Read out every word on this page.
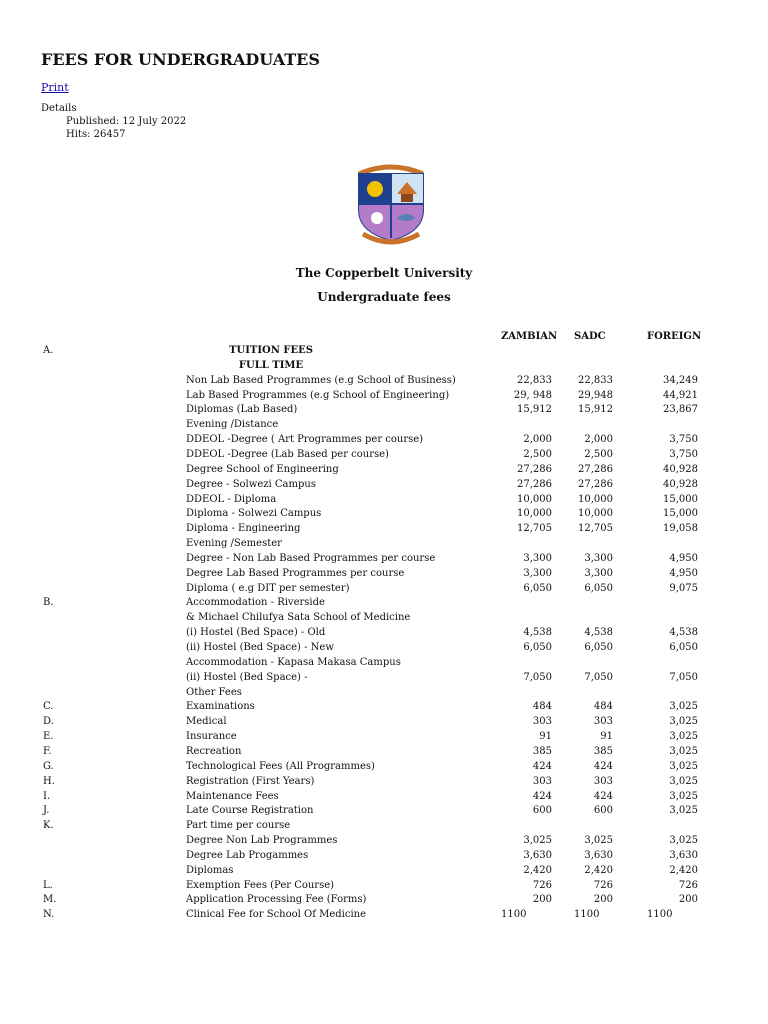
FEES FOR UNDERGRADUATES
Print
Details
Published: 12 July 2022
Hits: 26457
The Copperbelt University
Undergraduate fees
ZAMBIAN SADC	FOREIGN
A.	TUITION FEES
FULL TIME
Non Lab Based Programmes (e.g School of Business)	22,833	22,833	34,249
Lab Based Programmes (e.g School of Engineering)	29, 948	29,948	44,921
Diplomas (Lab Based)	15,912	15,912	23,867
Evening /Distance
DDEOL -Degree ( Art Programmes per course)	2,000	2,000	3,750
DDEOL -Degree (Lab Based per course)	2,500	2,500	3,750
Degree School of Engineering	27,286	27,286	40,928
Degree - Solwezi Campus	27,286	27,286	40,928
DDEOL - Diploma	10,000	10,000	15,000
Diploma - Solwezi Campus	10,000	10,000	15,000
Diploma - Engineering	12,705	12,705	19,058
Evening /Semester
Degree - Non Lab Based Programmes per course	3,300	3,300	4,950
Degree Lab Based Programmes per course	3,300	3,300	4,950
Diploma ( e.g DIT per semester)	6,050	6,050	9,075
B.	Accommodation - Riverside
& Michael Chilufya Sata School of Medicine
(i) Hostel (Bed Space) - Old	4,538	4,538	4,538
(ii) Hostel (Bed Space) - New	6,050	6,050	6,050
Accommodation - Kapasa Makasa Campus
(ii) Hostel (Bed Space) -	7,050	7,050	7,050
Other Fees
C.	Examinations	484	484	3,025
D.	Medical	303	303	3,025
E.	Insurance	91	91	3,025
F.	Recreation	385	385	3,025
G.	Technological Fees (All Programmes)	424	424	3,025
H.	Registration (First Years)	303	303	3,025
I.	Maintenance Fees	424	424	3,025
J.	Late Course Registration	600	600	3,025
K.	Part time per course
Degree Non Lab Programmes	3,025	3,025	3,025
Degree Lab Progammes	3,630	3,630	3,630
Diplomas	2,420	2,420	2,420
L.	Exemption Fees (Per Course)	726	726	726
M.	Application Processing Fee (Forms)	200	200	200
N.	Clinical Fee for School Of Medicine	1100	1100	1100
